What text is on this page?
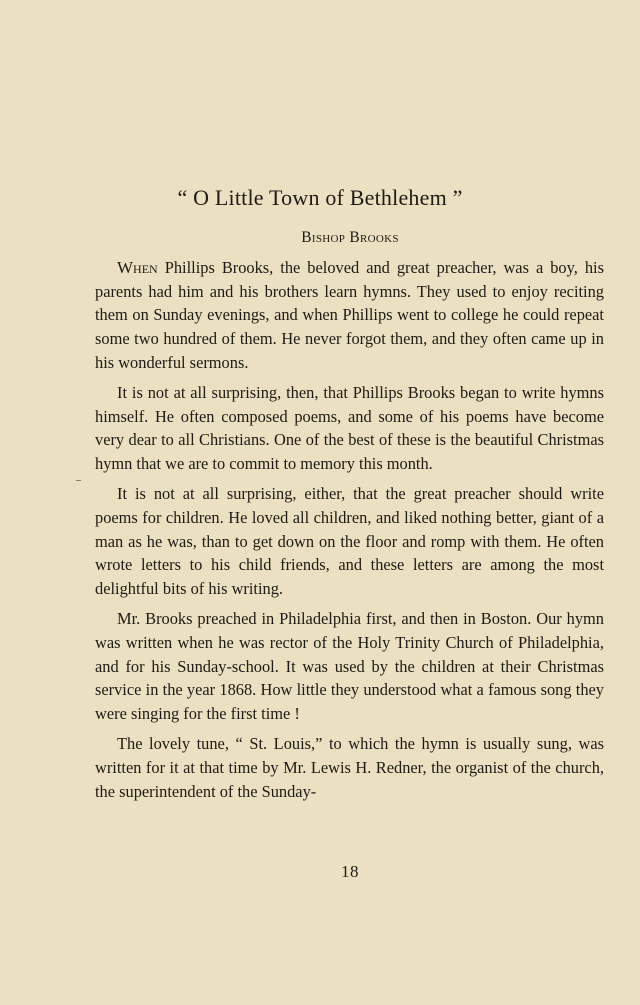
“ O Little Town of Bethlehem ”
Bishop Brooks

When Phillips Brooks, the beloved and great preacher, was a boy, his parents had him and his brothers learn hymns. They used to enjoy reciting them on Sunday evenings, and when Phillips went to college he could repeat some two hundred of them. He never forgot them, and they often came up in his wonderful sermons.

It is not at all surprising, then, that Phillips Brooks began to write hymns himself. He often composed poems, and some of his poems have become very dear to all Christians. One of the best of these is the beautiful Christmas hymn that we are to commit to memory this month.

It is not at all surprising, either, that the great preacher should write poems for children. He loved all children, and liked nothing better, giant of a man as he was, than to get down on the floor and romp with them. He often wrote letters to his child friends, and these letters are among the most delightful bits of his writing.

Mr. Brooks preached in Philadelphia first, and then in Boston. Our hymn was written when he was rector of the Holy Trinity Church of Philadelphia, and for his Sunday-school. It was used by the children at their Christmas service in the year 1868. How little they understood what a famous song they were singing for the first time !

The lovely tune, “ St. Louis,” to which the hymn is usually sung, was written for it at that time by Mr. Lewis H. Redner, the organist of the church, the superintendent of the Sunday-

18
